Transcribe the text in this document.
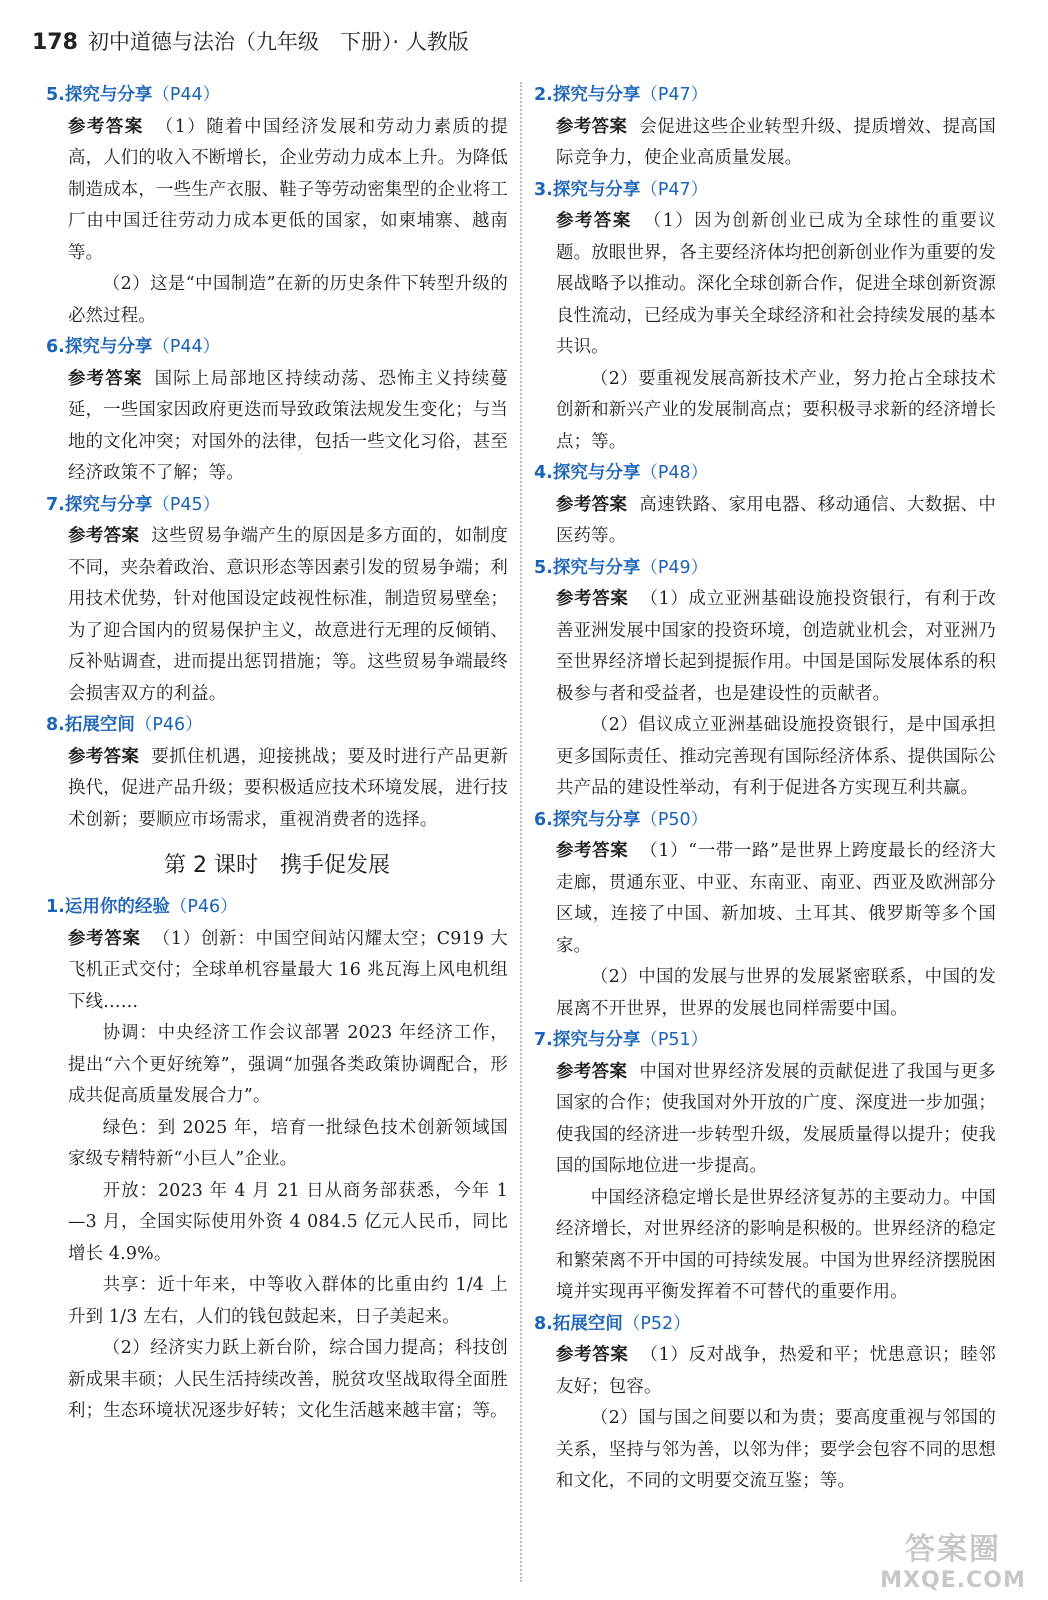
178 初中道德与法治（九年级　下册）· 人教版
5.探究与分享（P44）
参考答案 （1）随着中国经济发展和劳动力素质的提高，人们的收入不断增长，企业劳动力成本上升。为降低制造成本，一些生产衣服、鞋子等劳动密集型的企业将工厂由中国迁往劳动力成本更低的国家，如柬埔寨、越南等。
（2）这是“中国制造”在新的历史条件下转型升级的必然过程。
6.探究与分享（P44）
参考答案 国际上局部地区持续动荡、恐怖主义持续蔓延，一些国家因政府更迭而导致政策法规发生变化；与当地的文化冲突；对国外的法律，包括一些文化习俗，甚至经济政策不了解；等。
7.探究与分享（P45）
参考答案 这些贸易争端产生的原因是多方面的，如制度不同，夹杂着政治、意识形态等因素引发的贸易争端；利用技术优势，针对他国设定歧视性标准，制造贸易壁垒；为了迎合国内的贸易保护主义，故意进行无理的反倾销、反补贴调查，进而提出惩罚措施；等。这些贸易争端最终会损害双方的利益。
8.拓展空间（P46）
参考答案 要抓住机遇，迎接挑战；要及时进行产品更新换代，促进产品升级；要积极适应技术环境发展，进行技术创新；要顺应市场需求，重视消费者的选择。
第 2 课时　携手促发展
1.运用你的经验（P46）
参考答案 （1）创新：中国空间站闪耀太空；C919 大飞机正式交付；全球单机容量最大 16 兆瓦海上风电机组下线……
协调：中央经济工作会议部署 2023 年经济工作，提出“六个更好统筹”，强调“加强各类政策协调配合，形成共促高质量发展合力”。
绿色：到 2025 年，培育一批绿色技术创新领域国家级专精特新“小巨人”企业。
开放：2023 年 4 月 21 日从商务部获悉，今年 1—3 月，全国实际使用外资 4 084.5 亿元人民币，同比增长 4.9%。
共享：近十年来，中等收入群体的比重由约 1/4 上升到 1/3 左右，人们的钱包鼓起来，日子美起来。
（2）经济实力跃上新台阶，综合国力提高；科技创新成果丰硕；人民生活持续改善，脱贫攻坚战取得全面胜利；生态环境状况逐步好转；文化生活越来越丰富；等。
2.探究与分享（P47）
参考答案 会促进这些企业转型升级、提质增效、提高国际竞争力，使企业高质量发展。
3.探究与分享（P47）
参考答案 （1）因为创新创业已成为全球性的重要议题。放眼世界，各主要经济体均把创新创业作为重要的发展战略予以推动。深化全球创新合作，促进全球创新资源良性流动，已经成为事关全球经济和社会持续发展的基本共识。
（2）要重视发展高新技术产业，努力抢占全球技术创新和新兴产业的发展制高点；要积极寻求新的经济增长点；等。
4.探究与分享（P48）
参考答案 高速铁路、家用电器、移动通信、大数据、中医药等。
5.探究与分享（P49）
参考答案 （1）成立亚洲基础设施投资银行，有利于改善亚洲发展中国家的投资环境，创造就业机会，对亚洲乃至世界经济增长起到提振作用。中国是国际发展体系的积极参与者和受益者，也是建设性的贡献者。
（2）倡议成立亚洲基础设施投资银行，是中国承担更多国际责任、推动完善现有国际经济体系、提供国际公共产品的建设性举动，有利于促进各方实现互利共赢。
6.探究与分享（P50）
参考答案 （1）“一带一路”是世界上跨度最长的经济大走廊，贯通东亚、中亚、东南亚、南亚、西亚及欧洲部分区域，连接了中国、新加坡、土耳其、俄罗斯等多个国家。
（2）中国的发展与世界的发展紧密联系，中国的发展离不开世界，世界的发展也同样需要中国。
7.探究与分享（P51）
参考答案 中国对世界经济发展的贡献促进了我国与更多国家的合作；使我国对外开放的广度、深度进一步加强；使我国的经济进一步转型升级，发展质量得以提升；使我国的国际地位进一步提高。
中国经济稳定增长是世界经济复苏的主要动力。中国经济增长，对世界经济的影响是积极的。世界经济的稳定和繁荣离不开中国的可持续发展。中国为世界经济摆脱困境并实现再平衡发挥着不可替代的重要作用。
8.拓展空间（P52）
参考答案 （1）反对战争，热爱和平；忧患意识；睦邻友好；包容。
（2）国与国之间要以和为贵；要高度重视与邻国的关系，坚持与邻为善，以邻为伴；要学会包容不同的思想和文化，不同的文明要交流互鉴；等。
答案圈
MXQE.COM
